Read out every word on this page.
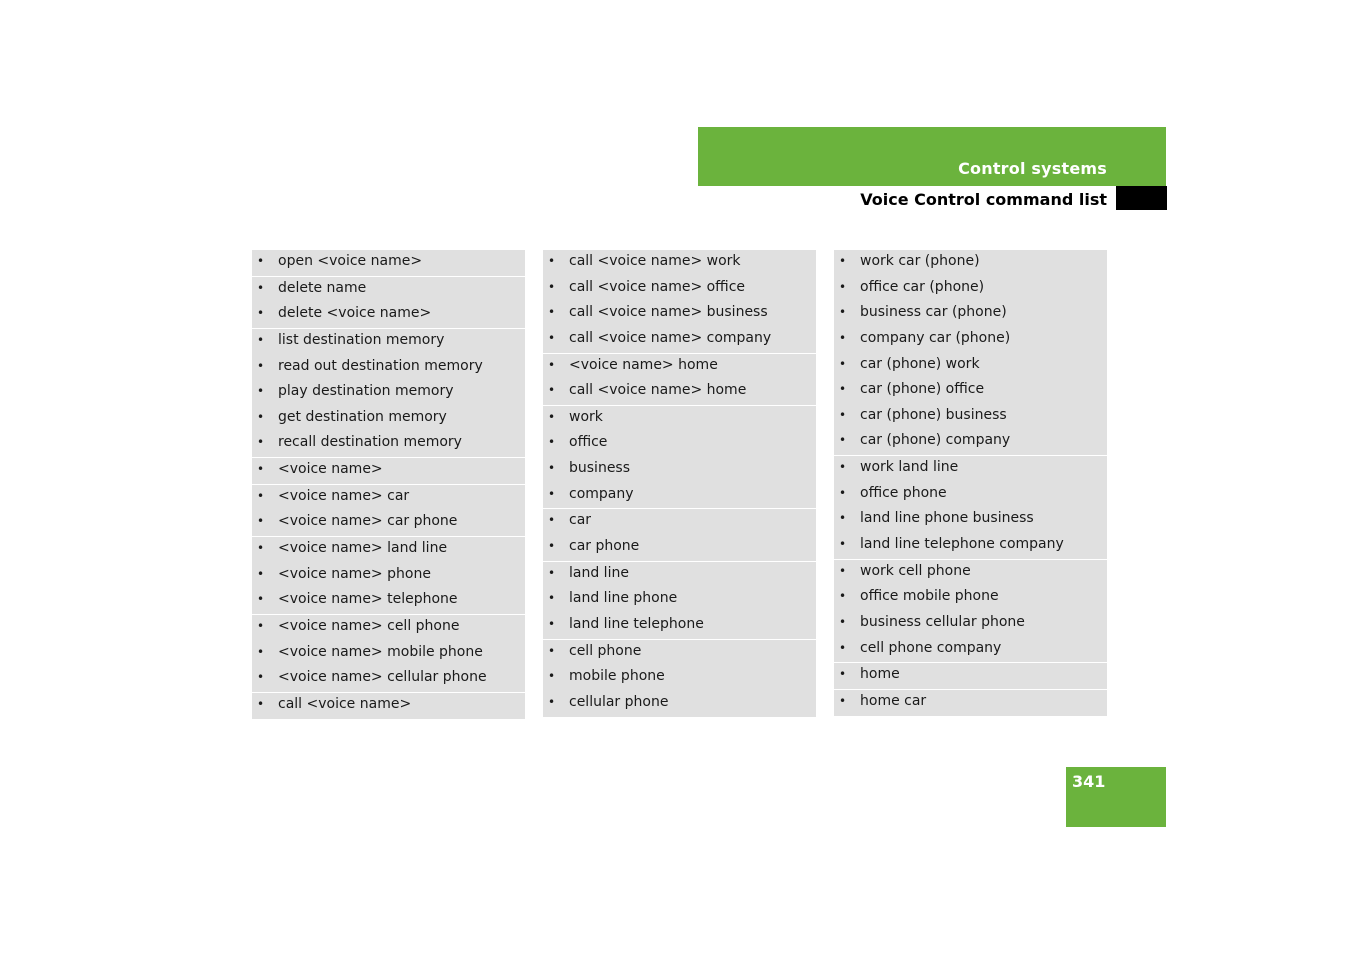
Control systems
Voice Control command list
• open <voice name>
• delete name
• delete <voice name>
• list destination memory
• read out destination memory
• play destination memory
• get destination memory
• recall destination memory
• <voice name>
• <voice name> car
• <voice name> car phone
• <voice name> land line
• <voice name> phone
• <voice name> telephone
• <voice name> cell phone
• <voice name> mobile phone
• <voice name> cellular phone
• call <voice name>
• call <voice name> work
• call <voice name> office
• call <voice name> business
• call <voice name> company
• <voice name> home
• call <voice name> home
• work
• office
• business
• company
• car
• car phone
• land line
• land line phone
• land line telephone
• cell phone
• mobile phone
• cellular phone
• work car (phone)
• office car (phone)
• business car (phone)
• company car (phone)
• car (phone) work
• car (phone) office
• car (phone) business
• car (phone) company
• work land line
• office phone
• land line phone business
• land line telephone company
• work cell phone
• office mobile phone
• business cellular phone
• cell phone company
• home
• home car
341
